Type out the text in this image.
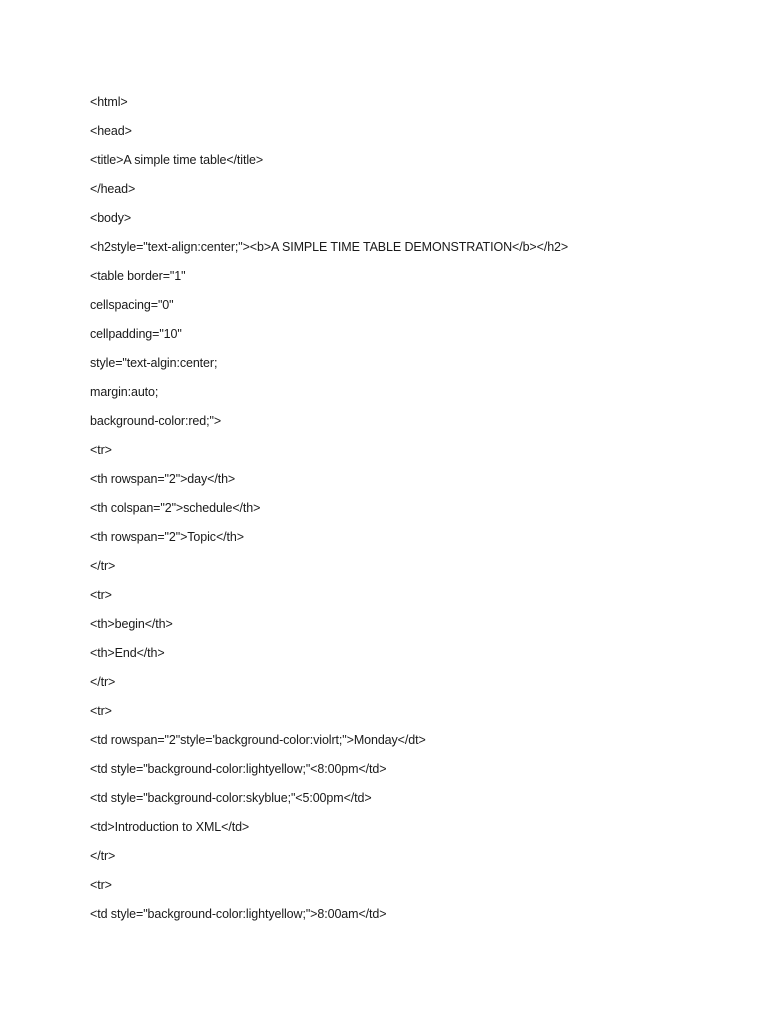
<html>
<head>
<title>A simple time table</title>
</head>
<body>
<h2style="text-align:center;"><b>A SIMPLE TIME TABLE DEMONSTRATION</b></h2>
<table border="1"
cellspacing="0"
cellpadding="10"
style="text-algin:center;
margin:auto;
background-color:red;">
<tr>
<th rowspan="2">day</th>
<th colspan="2">schedule</th>
<th rowspan="2">Topic</th>
</tr>
<tr>
<th>begin</th>
<th>End</th>
</tr>
<tr>
<td rowspan="2"style='background-color:violrt;">Monday</dt>
<td style="background-color:lightyellow;"<8:00pm</td>
<td style="background-color:skyblue;"<5:00pm</td>
<td>Introduction to XML</td>
</tr>
<tr>
<td style="background-color:lightyellow;">8:00am</td>
